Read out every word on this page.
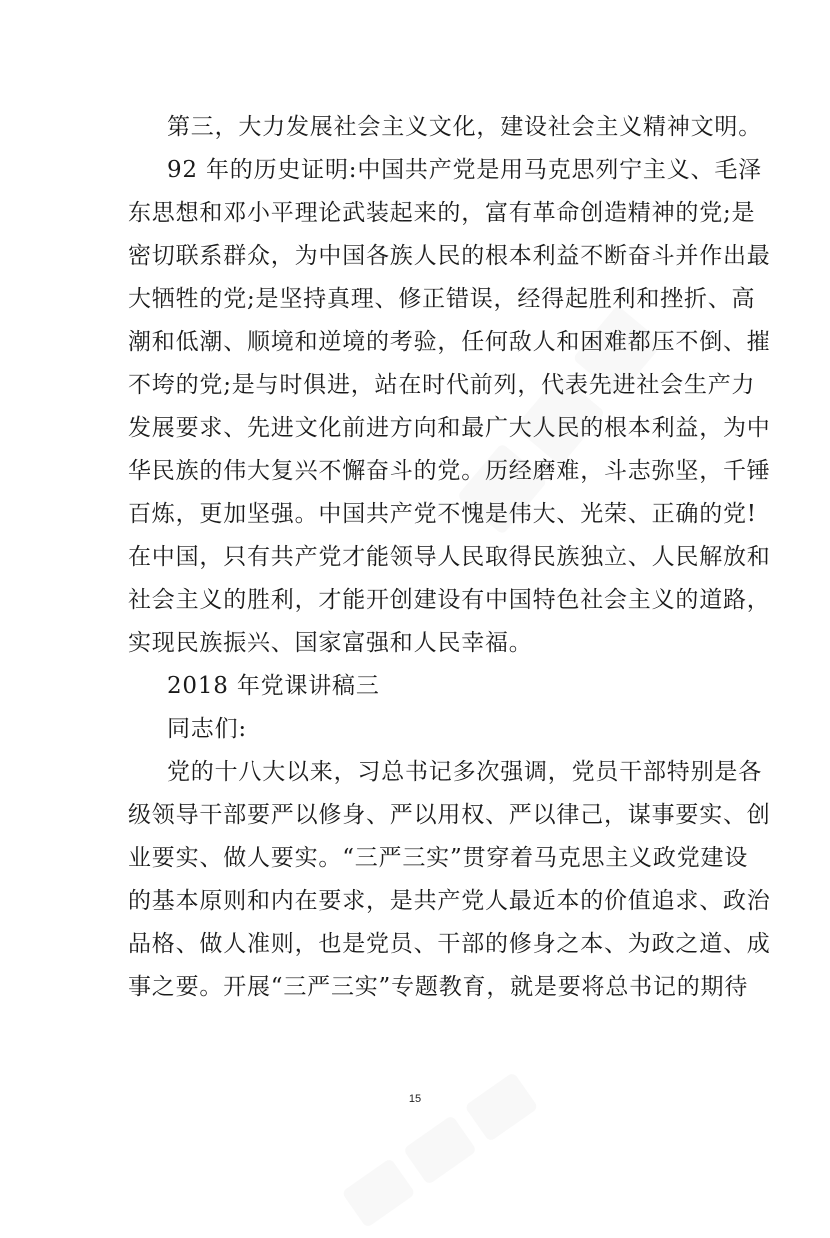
第三，大力发展社会主义文化，建设社会主义精神文明。
92 年的历史证明:中国共产党是用马克思列宁主义、毛泽
东思想和邓小平理论武装起来的，富有革命创造精神的党;是
密切联系群众，为中国各族人民的根本利益不断奋斗并作出最
大牺牲的党;是坚持真理、修正错误，经得起胜利和挫折、高
潮和低潮、顺境和逆境的考验，任何敌人和困难都压不倒、摧
不垮的党;是与时俱进，站在时代前列，代表先进社会生产力
发展要求、先进文化前进方向和最广大人民的根本利益，为中
华民族的伟大复兴不懈奋斗的党。历经磨难，斗志弥坚，千锤
百炼，更加坚强。中国共产党不愧是伟大、光荣、正确的党!
在中国，只有共产党才能领导人民取得民族独立、人民解放和
社会主义的胜利，才能开创建设有中国特色社会主义的道路，
实现民族振兴、国家富强和人民幸福。
2018 年党课讲稿三
同志们:
党的十八大以来，习总书记多次强调，党员干部特别是各
级领导干部要严以修身、严以用权、严以律己，谋事要实、创
业要实、做人要实。“三严三实”贯穿着马克思主义政党建设
的基本原则和内在要求，是共产党人最近本的价值追求、政治
品格、做人准则，也是党员、干部的修身之本、为政之道、成
事之要。开展“三严三实”专题教育，就是要将总书记的期待
15
